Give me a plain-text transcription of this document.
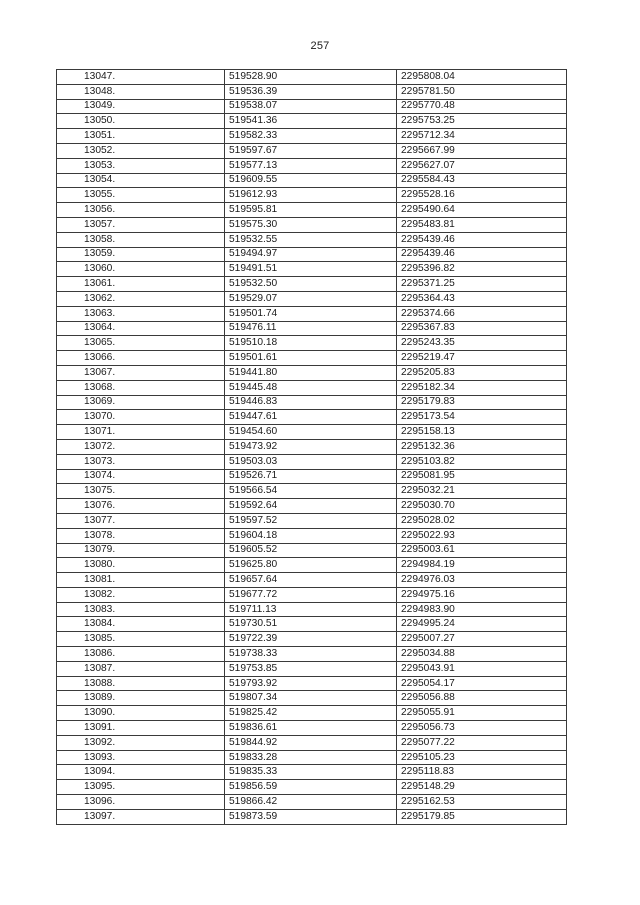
257
13047.	519528.90	2295808.04
13048.	519536.39	2295781.50
13049.	519538.07	2295770.48
13050.	519541.36	2295753.25
13051.	519582.33	2295712.34
13052.	519597.67	2295667.99
13053.	519577.13	2295627.07
13054.	519609.55	2295584.43
13055.	519612.93	2295528.16
13056.	519595.81	2295490.64
13057.	519575.30	2295483.81
13058.	519532.55	2295439.46
13059.	519494.97	2295439.46
13060.	519491.51	2295396.82
13061.	519532.50	2295371.25
13062.	519529.07	2295364.43
13063.	519501.74	2295374.66
13064.	519476.11	2295367.83
13065.	519510.18	2295243.35
13066.	519501.61	2295219.47
13067.	519441.80	2295205.83
13068.	519445.48	2295182.34
13069.	519446.83	2295179.83
13070.	519447.61	2295173.54
13071.	519454.60	2295158.13
13072.	519473.92	2295132.36
13073.	519503.03	2295103.82
13074.	519526.71	2295081.95
13075.	519566.54	2295032.21
13076.	519592.64	2295030.70
13077.	519597.52	2295028.02
13078.	519604.18	2295022.93
13079.	519605.52	2295003.61
13080.	519625.80	2294984.19
13081.	519657.64	2294976.03
13082.	519677.72	2294975.16
13083.	519711.13	2294983.90
13084.	519730.51	2294995.24
13085.	519722.39	2295007.27
13086.	519738.33	2295034.88
13087.	519753.85	2295043.91
13088.	519793.92	2295054.17
13089.	519807.34	2295056.88
13090.	519825.42	2295055.91
13091.	519836.61	2295056.73
13092.	519844.92	2295077.22
13093.	519833.28	2295105.23
13094.	519835.33	2295118.83
13095.	519856.59	2295148.29
13096.	519866.42	2295162.53
13097.	519873.59	2295179.85
